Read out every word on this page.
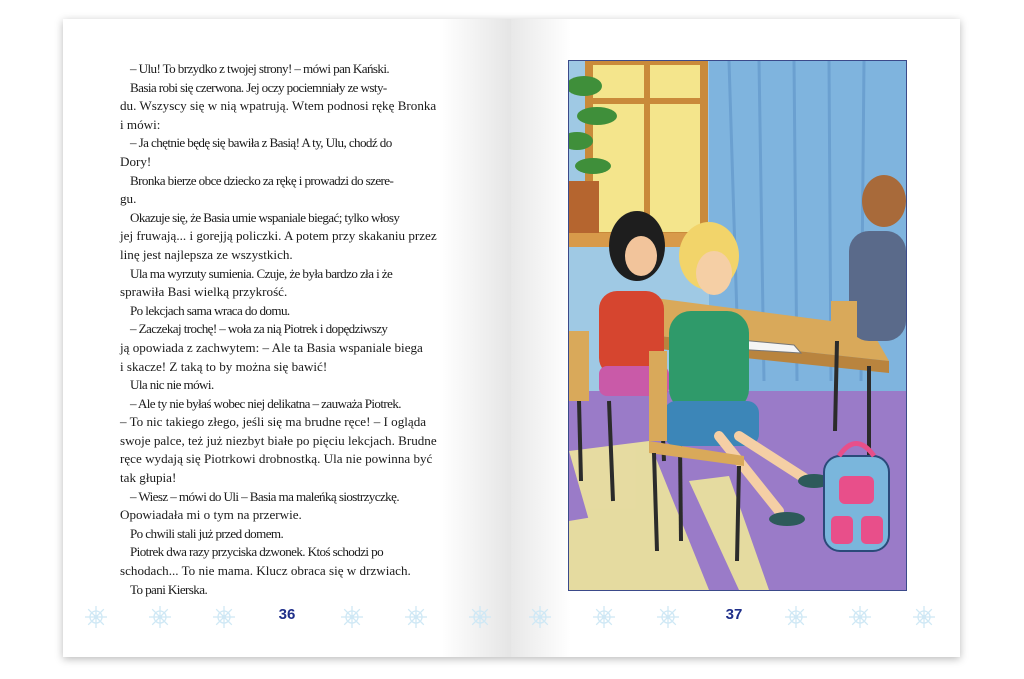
– Ulu! To brzydko z twojej strony! – mówi pan Kański.
Basia robi się czerwona. Jej oczy pociemniały ze wsty-
du. Wszyscy się w nią wpatrują. Wtem podnosi rękę Bronka
i mówi:
– Ja chętnie będę się bawiła z Basią! A ty, Ulu, chodź do
Dory!
Bronka bierze obce dziecko za rękę i prowadzi do szere-
gu.
Okazuje się, że Basia umie wspaniale biegać; tylko włosy
jej fruwają... i gorejją policzki. A potem przy skakaniu przez
linę jest najlepsza ze wszystkich.
Ula ma wyrzuty sumienia. Czuje, że była bardzo zła i że
sprawiła Basi wielką przykrość.
Po lekcjach sama wraca do domu.
– Zaczekaj trochę! – woła za nią Piotrek i dopędziwszy
ją opowiada z zachwytem: – Ale ta Basia wspaniale biega
i skacze! Z taką to by można się bawić!
Ula nic nie mówi.
– Ale ty nie byłaś wobec niej delikatna – zauważa Piotrek.
– To nic takiego złego, jeśli się ma brudne ręce! – I ogląda
swoje palce, też już niezbyt białe po pięciu lekcjach. Brudne
ręce wydają się Piotrkowi drobnostką. Ula nie powinna być
tak głupia!
– Wiesz – mówi do Uli – Basia ma maleńką siostrzyczkę.
Opowiadała mi o tym na przerwie.
Po chwili stali już przed domem.
Piotrek dwa razy przyciska dzwonek. Ktoś schodzi po
schodach... To nie mama. Klucz obraca się w drzwiach.
To pani Kierska.
36	37
